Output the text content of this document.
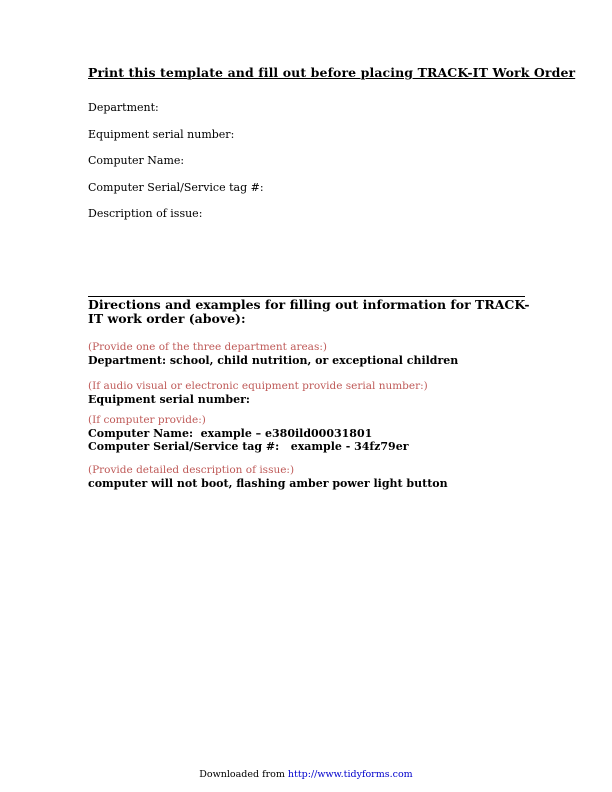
Print this template and fill out before placing TRACK-IT Work Order
Department:
Equipment serial number:
Computer Name:
Computer Serial/Service tag #:
Description of issue:
Directions and examples for filling out information for TRACK-IT work order (above):
(Provide one of the three department areas:)
Department: school, child nutrition, or exceptional children
(If audio visual or electronic equipment provide serial number:)
Equipment serial number:
(If computer provide:)
Computer Name:  example – e380ild00031801
Computer Serial/Service tag #:   example - 34fz79er
(Provide detailed description of issue:)
computer will not boot, flashing amber power light button
Downloaded from http://www.tidyforms.com
